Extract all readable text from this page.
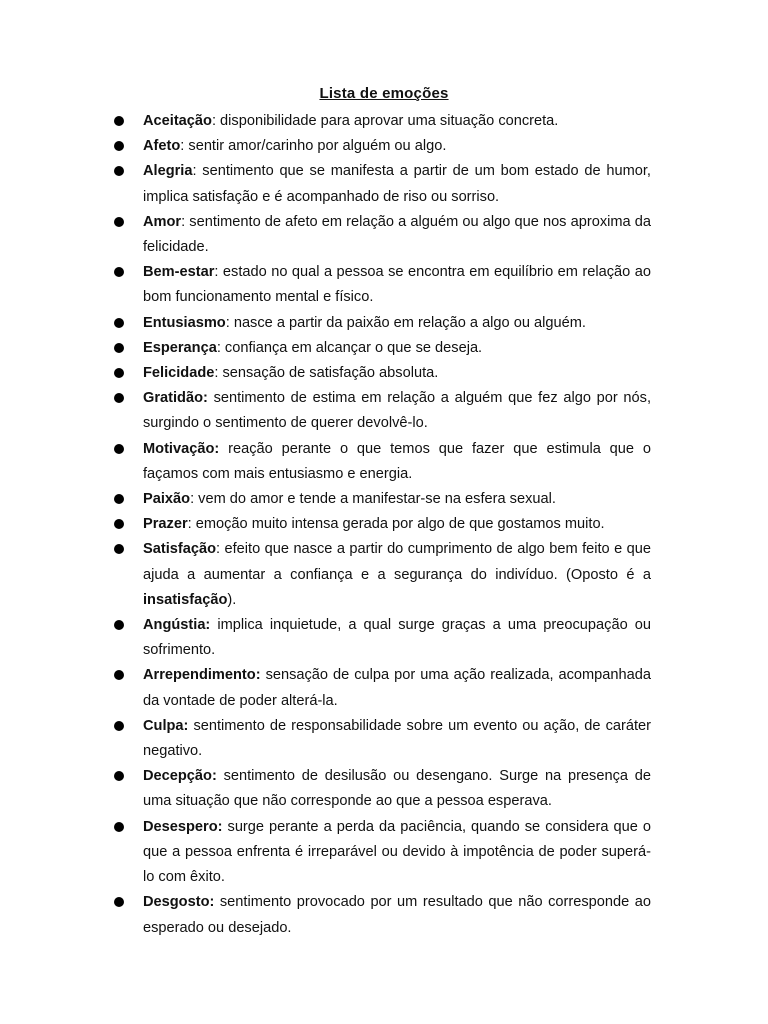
Lista de emoções
Aceitação: disponibilidade para aprovar uma situação concreta.
Afeto: sentir amor/carinho por alguém ou algo.
Alegria: sentimento que se manifesta a partir de um bom estado de humor, implica satisfação e é acompanhado de riso ou sorriso.
Amor: sentimento de afeto em relação a alguém ou algo que nos aproxima da felicidade.
Bem-estar: estado no qual a pessoa se encontra em equilíbrio em relação ao bom funcionamento mental e físico.
Entusiasmo: nasce a partir da paixão em relação a algo ou alguém.
Esperança: confiança em alcançar o que se deseja.
Felicidade: sensação de satisfação absoluta.
Gratidão: sentimento de estima em relação a alguém que fez algo por nós, surgindo o sentimento de querer devolvê-lo.
Motivação: reação perante o que temos que fazer que estimula que o façamos com mais entusiasmo e energia.
Paixão: vem do amor e tende a manifestar-se na esfera sexual.
Prazer: emoção muito intensa gerada por algo de que gostamos muito.
Satisfação: efeito que nasce a partir do cumprimento de algo bem feito e que ajuda a aumentar a confiança e a segurança do indivíduo. (Oposto é a insatisfação).
Angústia: implica inquietude, a qual surge graças a uma preocupação ou sofrimento.
Arrependimento: sensação de culpa por uma ação realizada, acompanhada da vontade de poder alterá-la.
Culpa: sentimento de responsabilidade sobre um evento ou ação, de caráter negativo.
Decepção: sentimento de desilusão ou desengano. Surge na presença de uma situação que não corresponde ao que a pessoa esperava.
Desespero: surge perante a perda da paciência, quando se considera que o que a pessoa enfrenta é irreparável ou devido à impotência de poder superá-lo com êxito.
Desgosto: sentimento provocado por um resultado que não corresponde ao esperado ou desejado.
